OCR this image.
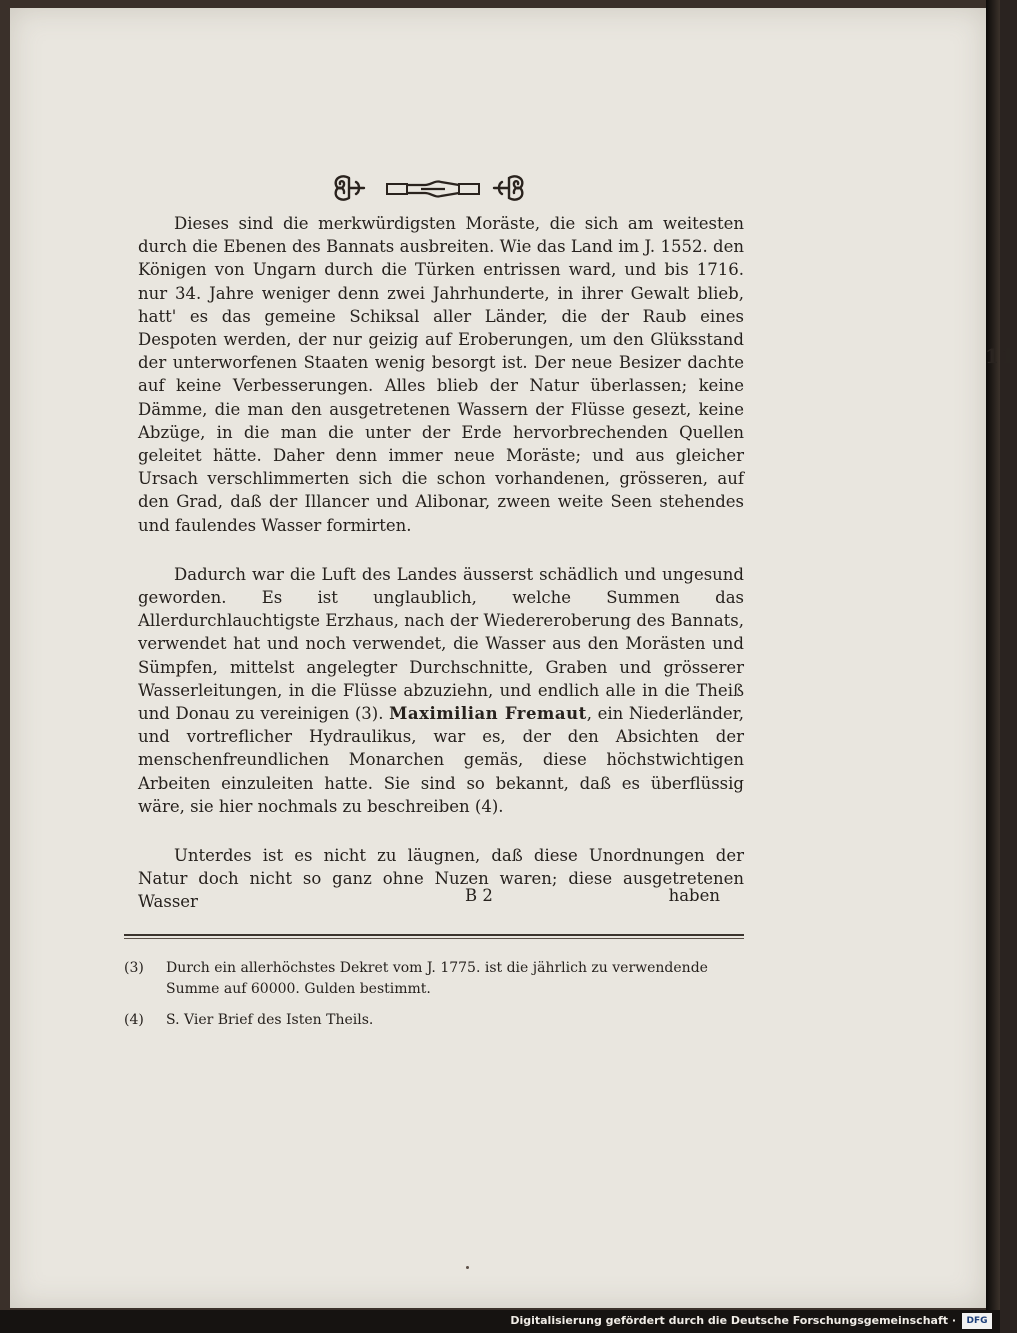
11

Dieses sind die merkwürdigsten Moräste, die sich am weitesten durch die Ebenen des Bannats ausbreiten. Wie das Land im J. 1552. den Königen von Ungarn durch die Türken entrissen ward, und bis 1716. nur 34. Jahre weniger denn zwei Jahrhunderte, in ihrer Gewalt blieb, hatt' es das gemeine Schiksal aller Länder, die der Raub eines Despoten werden, der nur geizig auf Eroberungen, um den Glüksstand der unterworfenen Staaten wenig besorgt ist. Der neue Besizer dachte auf keine Verbesserungen. Alles blieb der Natur überlassen; keine Dämme, die man den ausgetretenen Wassern der Flüsse gesezt, keine Abzüge, in die man die unter der Erde hervorbrechenden Quellen geleitet hätte. Daher denn immer neue Moräste; und aus gleicher Ursach verschlimmerten sich die schon vorhandenen, grösseren, auf den Grad, daß der Illancer und Alibonar, zween weite Seen stehendes und faulendes Wasser formirten.

Dadurch war die Luft des Landes äusserst schädlich und ungesund geworden. Es ist unglaublich, welche Summen das Allerdurchlauchtigste Erzhaus, nach der Wiedereroberung des Bannats, verwendet hat und noch verwendet, die Wasser aus den Morästen und Sümpfen, mittelst angelegter Durchschnitte, Graben und grösserer Wasserleitungen, in die Flüsse abzuziehn, und endlich alle in die Theiß und Donau zu vereinigen (3). Maximilian Fremaut, ein Niederländer, und vortreflicher Hydraulikus, war es, der den Absichten der menschenfreundlichen Monarchen gemäs, diese höchstwichtigen Arbeiten einzuleiten hatte. Sie sind so bekannt, daß es überflüssig wäre, sie hier nochmals zu beschreiben (4).

Unterdes ist es nicht zu läugnen, daß diese Unordnungen der Natur doch nicht so ganz ohne Nuzen waren; diese ausgetretenen Wasser	B 2	haben

(3) Durch ein allerhöchstes Dekret vom J. 1775. ist die jährlich zu verwendende Summe auf 60000. Gulden bestimmt.

(4) S. Vier Brief des Isten Theils.

Digitalisierung gefördert durch die Deutsche Forschungsgemeinschaft ·	DFG
